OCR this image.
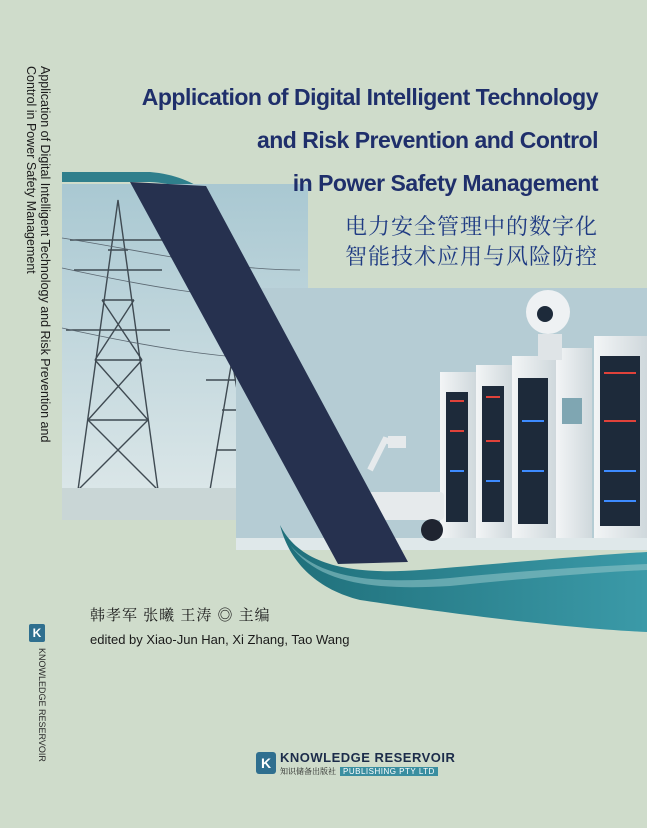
Application of Digital Intelligent Technology and Risk Prevention and
Control in Power Safety Management	Application of Digital Intelligent Technology
and Risk Prevention and Control
in Power Safety Management
电力安全管理中的数字化
智能技术应用与风险防控
韩孝军 张曦 王涛 ◎ 主编
edited by Xiao-Jun Han, Xi Zhang, Tao Wang
K
KNOWLEDGE RESERVOIR
K KNOWLEDGE RESERVOIR
知识储备出版社 PUBLISHING PTY LTD
